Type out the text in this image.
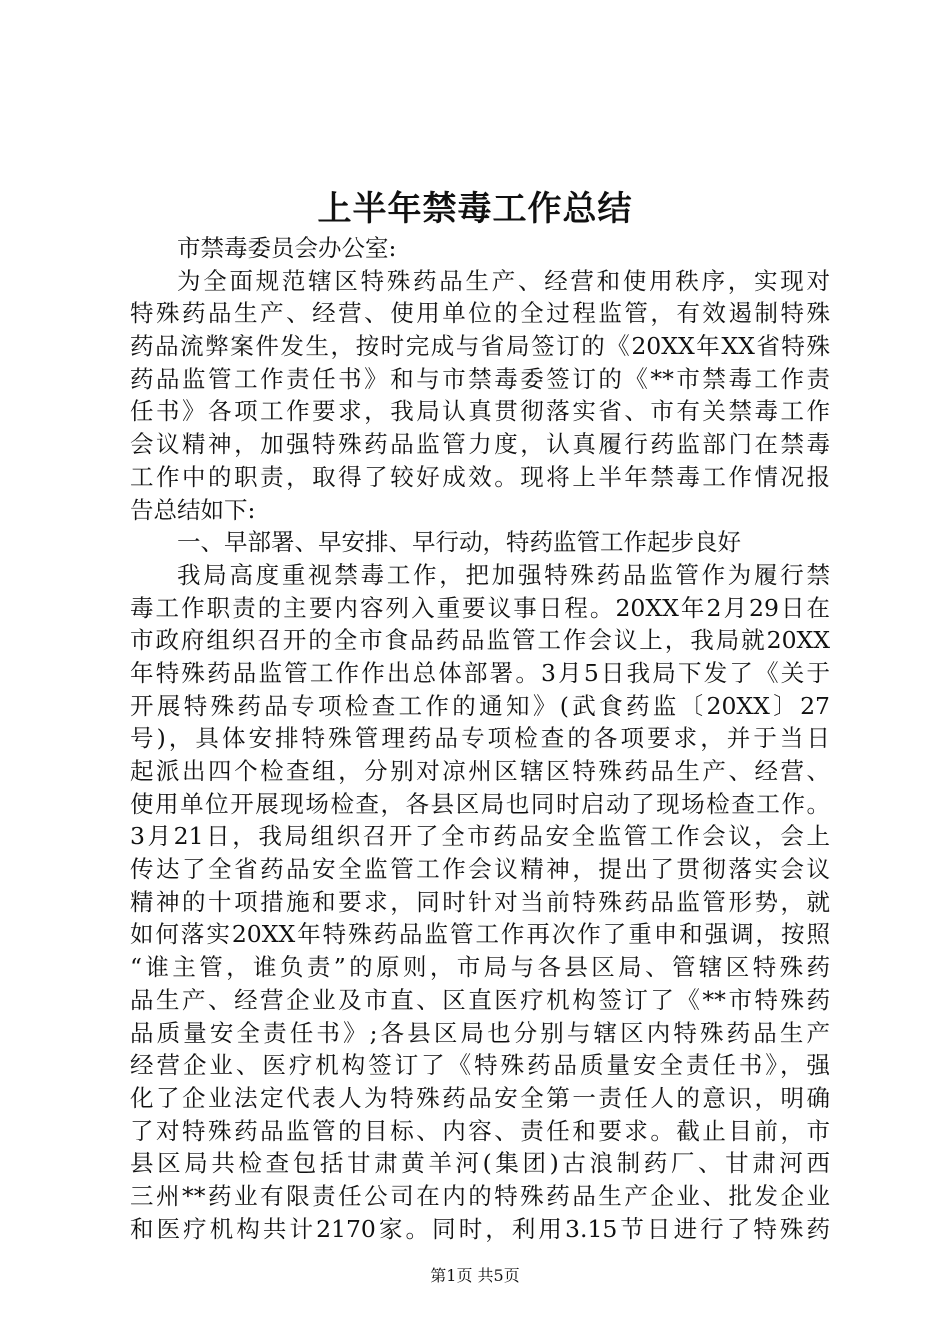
上半年禁毒工作总结

市禁毒委员会办公室:

为全面规范辖区特殊药品生产、经营和使用秩序，实现对

特殊药品生产、经营、使用单位的全过程监管，有效遏制特殊

药品流弊案件发生，按时完成与省局签订的《20XX年XX省特殊

药品监管工作责任书》和与市禁毒委签订的《**市禁毒工作责

任书》各项工作要求，我局认真贯彻落实省、市有关禁毒工作

会议精神，加强特殊药品监管力度，认真履行药监部门在禁毒

工作中的职责，取得了较好成效。现将上半年禁毒工作情况报

告总结如下:

一、早部署、早安排、早行动，特药监管工作起步良好

我局高度重视禁毒工作，把加强特殊药品监管作为履行禁

毒工作职责的主要内容列入重要议事日程。20XX年2月29日在

市政府组织召开的全市食品药品监管工作会议上，我局就20XX

年特殊药品监管工作作出总体部署。3月5日我局下发了《关于

开展特殊药品专项检查工作的通知》(武食药监〔20XX〕27

号)，具体安排特殊管理药品专项检查的各项要求，并于当日

起派出四个检查组，分别对凉州区辖区特殊药品生产、经营、

使用单位开展现场检查，各县区局也同时启动了现场检查工作。

3月21日，我局组织召开了全市药品安全监管工作会议，会上

传达了全省药品安全监管工作会议精神，提出了贯彻落实会议

精神的十项措施和要求，同时针对当前特殊药品监管形势，就

如何落实20XX年特殊药品监管工作再次作了重申和强调，按照

“谁主管，谁负责”的原则，市局与各县区局、管辖区特殊药

品生产、经营企业及市直、区直医疗机构签订了《**市特殊药

品质量安全责任书》;各县区局也分别与辖区内特殊药品生产

经营企业、医疗机构签订了《特殊药品质量安全责任书》，强

化了企业法定代表人为特殊药品安全第一责任人的意识，明确

了对特殊药品监管的目标、内容、责任和要求。截止目前，市

县区局共检查包括甘肃黄羊河(集团)古浪制药厂、甘肃河西

三州**药业有限责任公司在内的特殊药品生产企业、批发企业

和医疗机构共计2170家。同时，利用3.15节日进行了特殊药

第1页 共5页
